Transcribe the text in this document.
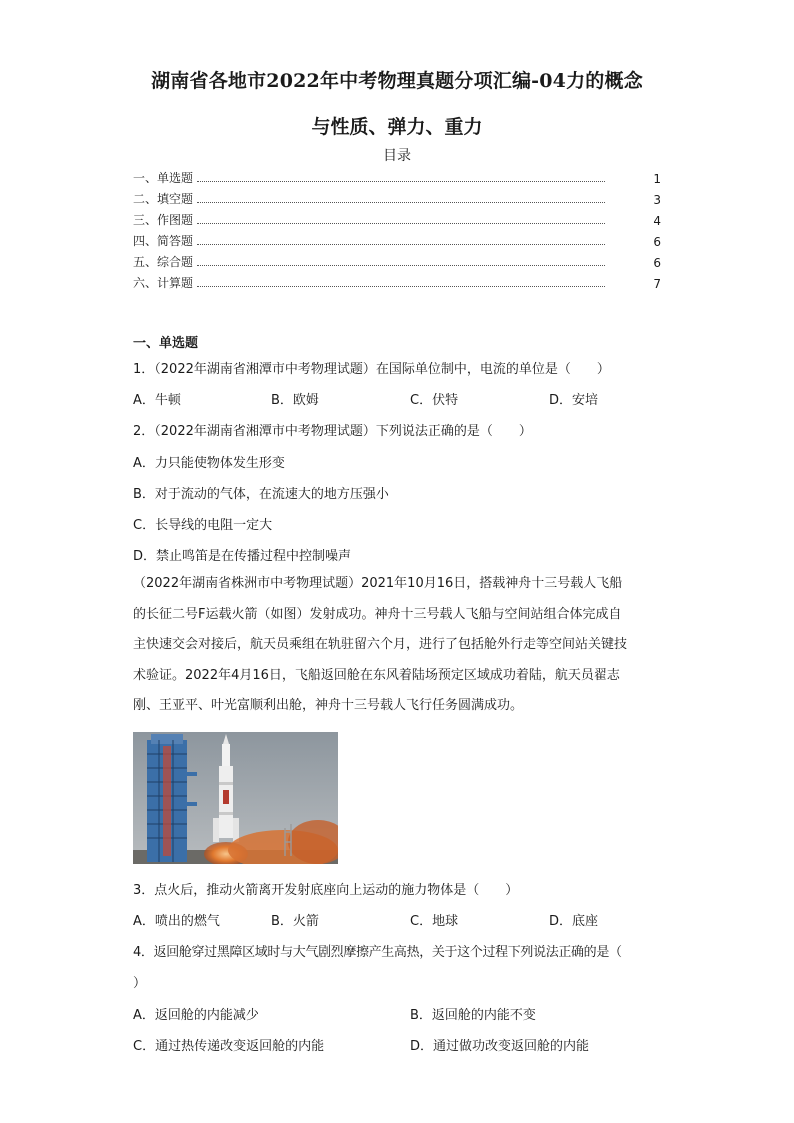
湖南省各地市2022年中考物理真题分项汇编-04力的概念
与性质、弹力、重力
目录
一、单选题	1
二、填空题	3
三、作图题	4
四、简答题	6
五、综合题	6
六、计算题	7
一、单选题
1．（2022年湖南省湘潭市中考物理试题）在国际单位制中，电流的单位是（　　）
A．牛顿	B．欧姆	C．伏特	D．安培
2．（2022年湖南省湘潭市中考物理试题）下列说法正确的是（　　）
A．力只能使物体发生形变
B．对于流动的气体，在流速大的地方压强小
C．长导线的电阻一定大
D．禁止鸣笛是在传播过程中控制噪声

（2022年湖南省株洲市中考物理试题）2021年10月16日，搭载神舟十三号载人飞船

的长征二号F运载火箭（如图）发射成功。神舟十三号载人飞船与空间站组合体完成自

主快速交会对接后，航天员乘组在轨驻留六个月，进行了包括舱外行走等空间站关键技

术验证。2022年4月16日，飞船返回舱在东风着陆场预定区域成功着陆，航天员翟志

刚、王亚平、叶光富顺利出舱，神舟十三号载人飞行任务圆满成功。

3．点火后，推动火箭离开发射底座向上运动的施力物体是（　　）
A．喷出的燃气	B．火箭	C．地球	D．底座
4．返回舱穿过黑障区域时与大气剧烈摩擦产生高热，关于这个过程下列说法正确的是（
）
A．返回舱的内能减少	B．返回舱的内能不变
C．通过热传递改变返回舱的内能	D．通过做功改变返回舱的内能
